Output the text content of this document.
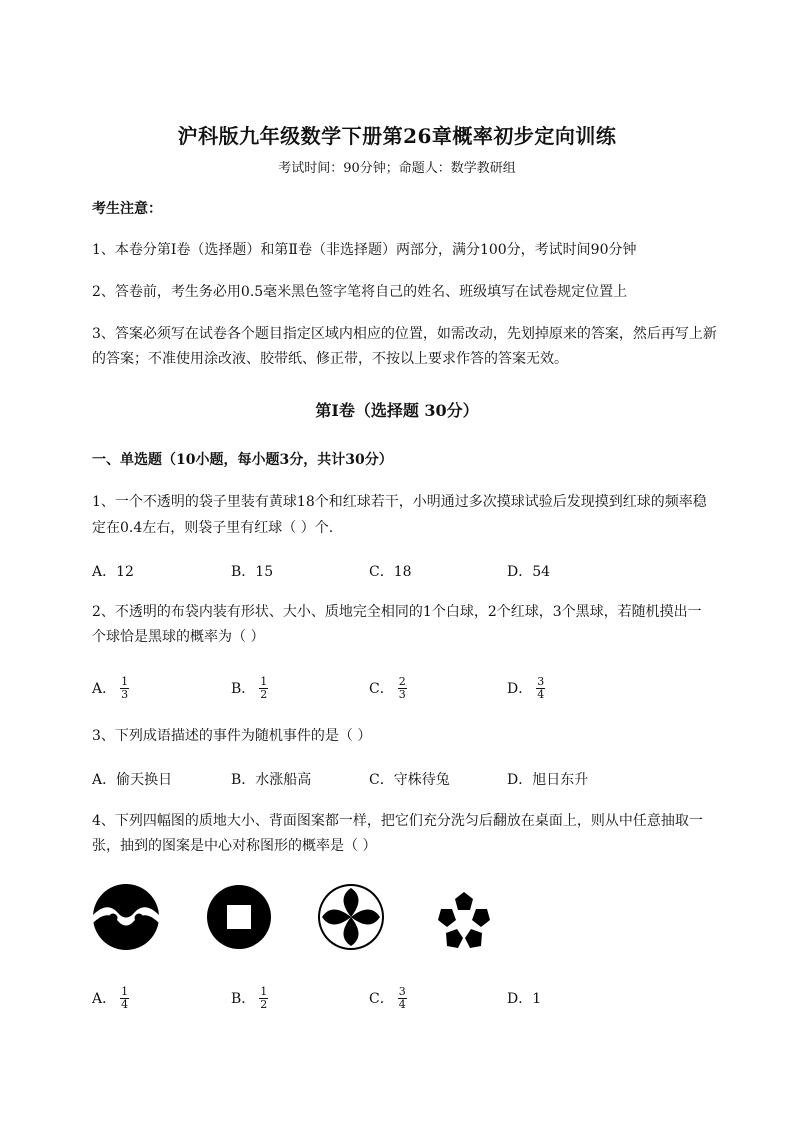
沪科版九年级数学下册第26章概率初步定向训练
考试时间：90分钟；命题人：数学教研组
考生注意：
1、本卷分第I卷（选择题）和第Ⅱ卷（非选择题）两部分，满分100分，考试时间90分钟
2、答卷前，考生务必用0.5毫米黑色签字笔将自己的姓名、班级填写在试卷规定位置上
3、答案必须写在试卷各个题目指定区域内相应的位置，如需改动，先划掉原来的答案，然后再写上新
的答案；不准使用涂改液、胶带纸、修正带，不按以上要求作答的答案无效。
第I卷（选择题 30分）
一、单选题（10小题，每小题3分，共计30分）
1、一个不透明的袋子里装有黄球18个和红球若干，小明通过多次摸球试验后发现摸到红球的频率稳
定在0.4左右，则袋子里有红球（ ）个.
A．12	B．15	C．18	D．54
2、不透明的布袋内装有形状、大小、质地完全相同的1个白球，2个红球，3个黑球，若随机摸出一
个球恰是黑球的概率为（ ）
A． $\frac{1}{3}$	B． $\frac{1}{2}$	C． $\frac{2}{3}$	D． $\frac{3}{4}$
3、下列成语描述的事件为随机事件的是（ ）
A．偷天换日	B．水涨船高	C．守株待兔	D．旭日东升
4、下列四幅图的质地大小、背面图案都一样，把它们充分洗匀后翻放在桌面上，则从中任意抽取一
张，抽到的图案是中心对称图形的概率是（ ）
A． $\frac{1}{4}$	B． $\frac{1}{2}$	C． $\frac{3}{4}$	D．1
